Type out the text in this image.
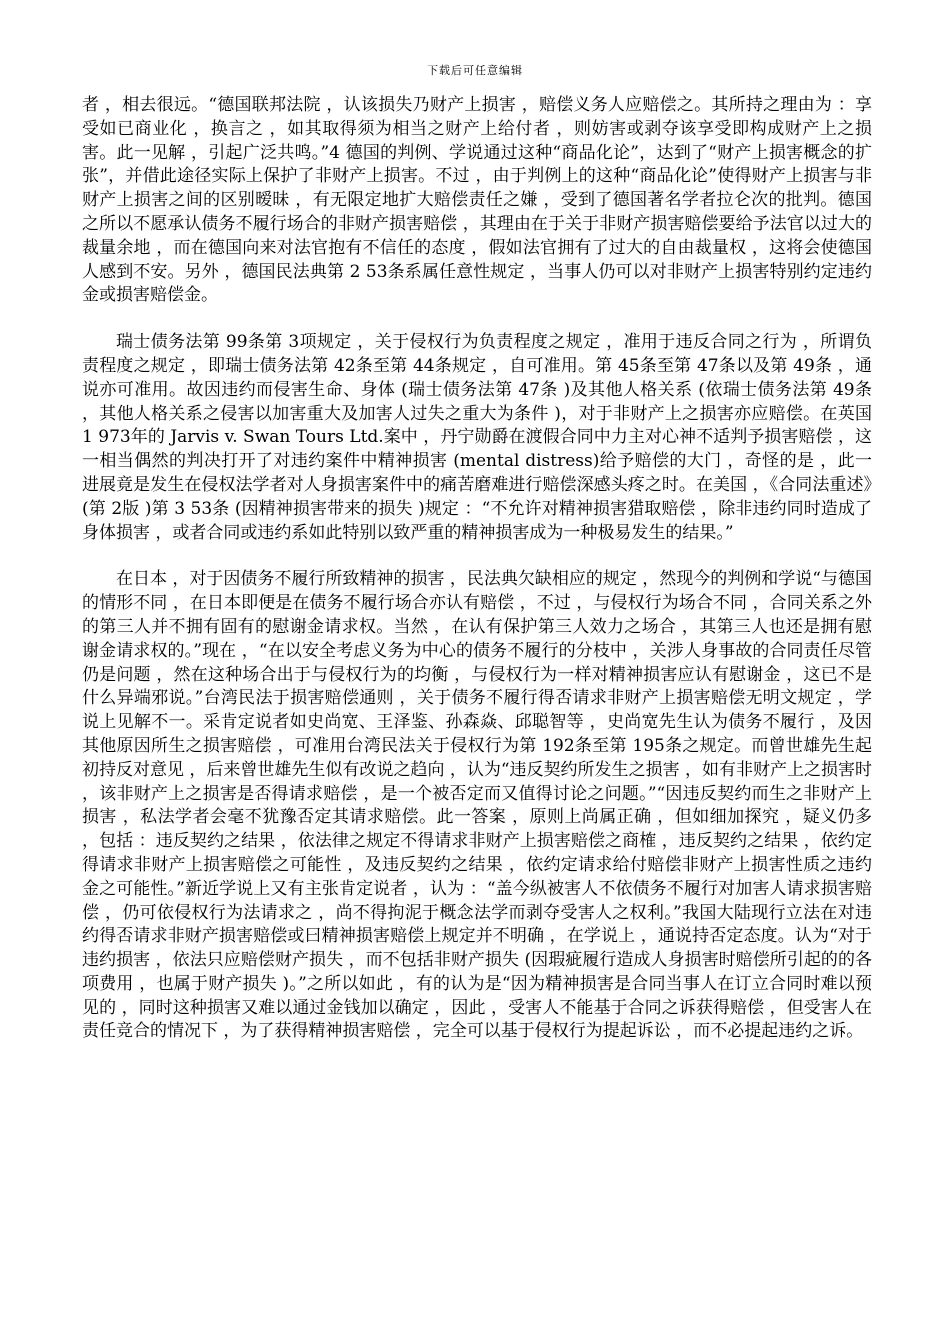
下载后可任意编辑

者 ，相去很远。“德国联邦法院 ，认该损失乃财产上损害 ，赔偿义务人应赔偿之。其所持之理由为 ：享受如已商业化 ，换言之 ，如其取得须为相当之财产上给付者 ，则妨害或剥夺该享受即构成财产上之损害。此一见解 ，引起广泛共鸣。”4 德国的判例、学说通过这种“商品化论”，达到了“财产上损害概念的扩张”，并借此途径实际上保护了非财产上损害。不过 ，由于判例上的这种“商品化论”使得财产上损害与非财产上损害之间的区别暧昧 ，有无限定地扩大赔偿责任之嫌 ，受到了德国著名学者拉仑次的批判。德国之所以不愿承认债务不履行场合的非财产损害赔偿 ，其理由在于关于非财产损害赔偿要给予法官以过大的裁量余地 ，而在德国向来对法官抱有不信任的态度 ，假如法官拥有了过大的自由裁量权 ，这将会使德国人感到不安。另外 ，德国民法典第 2 53条系属任意性规定 ，当事人仍可以对非财产上损害特别约定违约金或损害赔偿金。

瑞士债务法第 99条第 3项规定 ，关于侵权行为负责程度之规定 ，准用于违反合同之行为 ，所谓负责程度之规定 ，即瑞士债务法第 42条至第 44条规定 ，自可准用。第 45条至第 47条以及第 49条 ，通说亦可准用。故因违约而侵害生命、身体 (瑞士债务法第 47条 )及其他人格关系 (依瑞士债务法第 49条 ，其他人格关系之侵害以加害重大及加害人过失之重大为条件 )，对于非财产上之损害亦应赔偿。在英国 1 973年的 Jarvis v. Swan Tours Ltd.案中 ，丹宁勋爵在渡假合同中力主对心神不适判予损害赔偿 ，这一相当偶然的判决打开了对违约案件中精神损害 (mental distress)给予赔偿的大门 ，奇怪的是 ，此一进展竟是发生在侵权法学者对人身损害案件中的痛苦磨难进行赔偿深感头疼之时。在美国 ，《合同法重述》(第 2版 )第 3 53条 (因精神损害带来的损失 )规定 ：“不允许对精神损害猎取赔偿 ，除非违约同时造成了身体损害 ，或者合同或违约系如此特别以致严重的精神损害成为一种极易发生的结果。”

在日本 ，对于因债务不履行所致精神的损害 ，民法典欠缺相应的规定 ，然现今的判例和学说“与德国的情形不同 ，在日本即便是在债务不履行场合亦认有赔偿 ，不过 ，与侵权行为场合不同 ，合同关系之外的第三人并不拥有固有的慰谢金请求权。当然 ，在认有保护第三人效力之场合 ，其第三人也还是拥有慰谢金请求权的。”现在 ，“在以安全考虑义务为中心的债务不履行的分枝中 ，关涉人身事故的合同责任尽管仍是问题 ，然在这种场合出于与侵权行为的均衡 ，与侵权行为一样对精神损害应认有慰谢金 ，这已不是什么异端邪说。”台湾民法于损害赔偿通则 ，关于债务不履行得否请求非财产上损害赔偿无明文规定 ，学说上见解不一。采肯定说者如史尚宽、王泽鉴、孙森焱、邱聪智等 ，史尚宽先生认为债务不履行 ，及因其他原因所生之损害赔偿 ，可准用台湾民法关于侵权行为第 192条至第 195条之规定。而曾世雄先生起初持反对意见 ，后来曾世雄先生似有改说之趋向 ，认为“违反契约所发生之损害 ，如有非财产上之损害时 ，该非财产上之损害是否得请求赔偿 ，是一个被否定而又值得讨论之问题。”“因违反契约而生之非财产上损害 ，私法学者会毫不犹豫否定其请求赔偿。此一答案 ，原则上尚属正确 ，但如细加探究 ，疑义仍多 ，包括 ：违反契约之结果 ，依法律之规定不得请求非财产上损害赔偿之商榷 ，违反契约之结果 ，依约定得请求非财产上损害赔偿之可能性 ，及违反契约之结果 ，依约定请求给付赔偿非财产上损害性质之违约金之可能性。”新近学说上又有主张肯定说者 ，认为 ：“盖今纵被害人不依债务不履行对加害人请求损害赔偿 ，仍可依侵权行为法请求之 ，尚不得拘泥于概念法学而剥夺受害人之权利。”我国大陆现行立法在对违约得否请求非财产损害赔偿或曰精神损害赔偿上规定并不明确 ，在学说上 ，通说持否定态度。认为“对于违约损害 ，依法只应赔偿财产损失 ，而不包括非财产损失 (因瑕疵履行造成人身损害时赔偿所引起的的各项费用 ，也属于财产损失 )。”之所以如此 ，有的认为是“因为精神损害是合同当事人在订立合同时难以预见的 ，同时这种损害又难以通过金钱加以确定 ，因此 ，受害人不能基于合同之诉获得赔偿 ，但受害人在责任竞合的情况下 ，为了获得精神损害赔偿 ，完全可以基于侵权行为提起诉讼 ，而不必提起违约之诉。
